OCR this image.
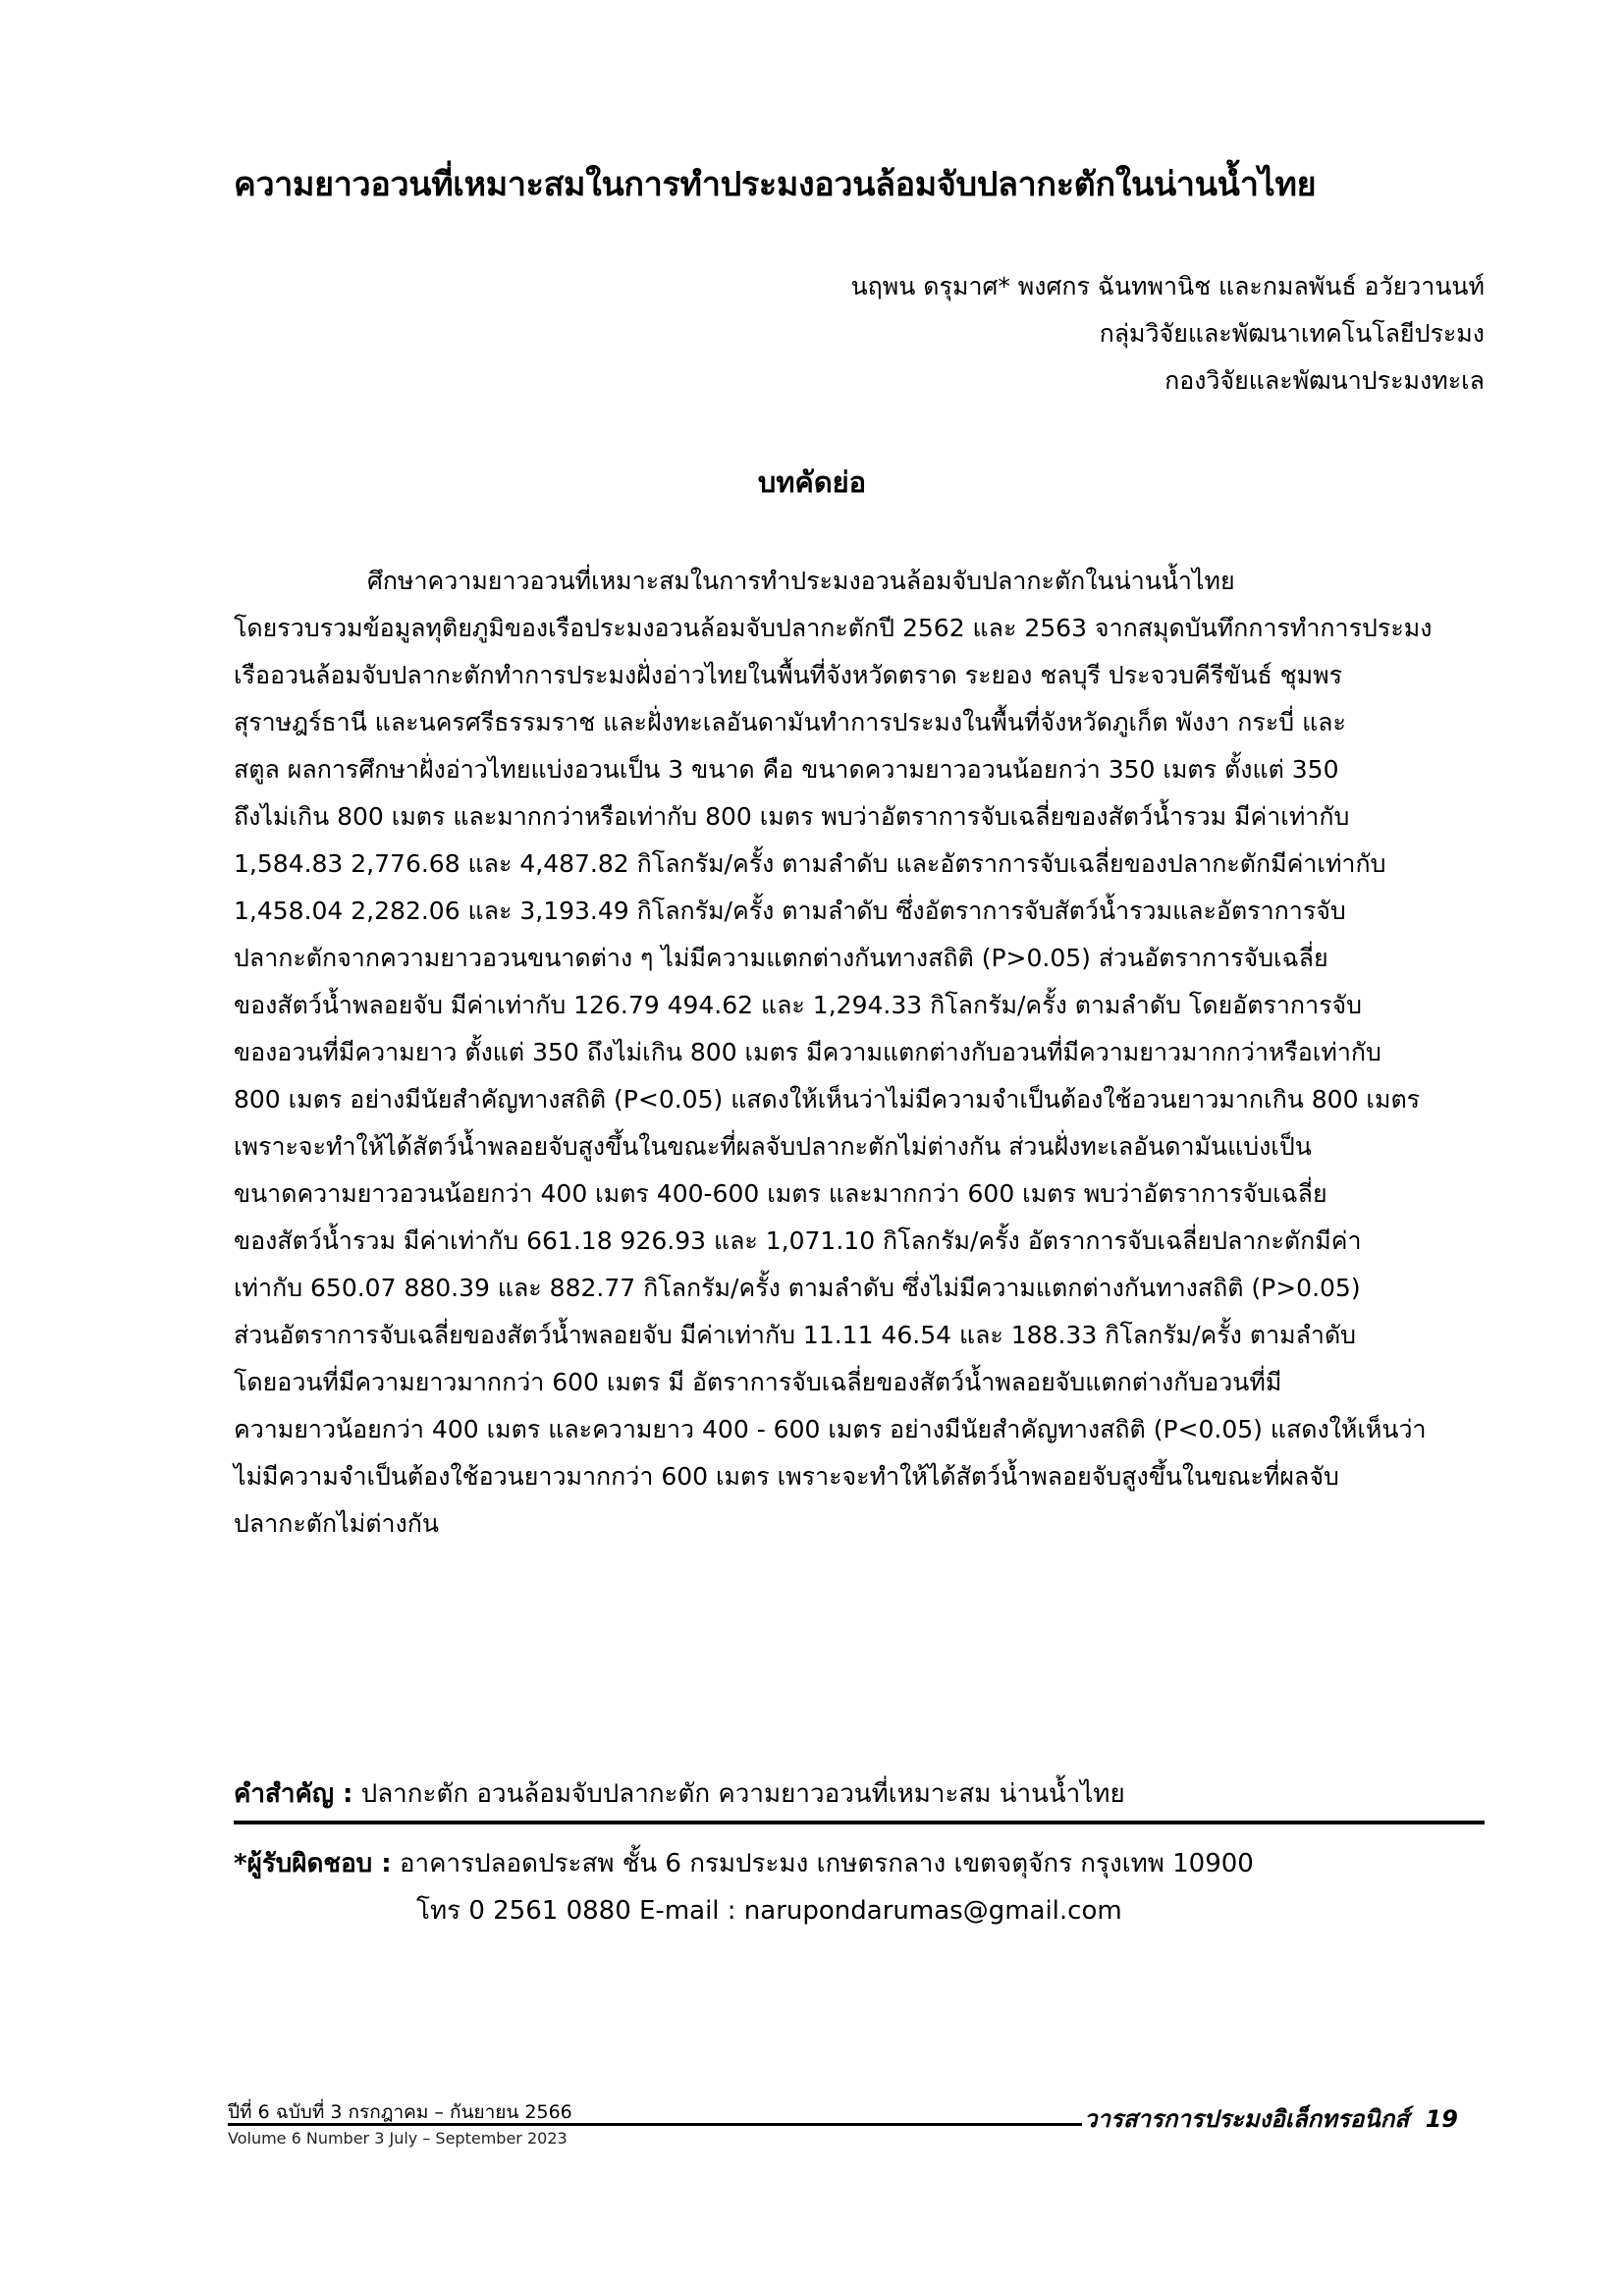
ความยาวอวนที่เหมาะสมในการทำประมงอวนล้อมจับปลากะตักในน่านน้ำไทย
นฤพน ดรุมาศ* พงศกร ฉันทพานิช และกมลพันธ์ อวัยวานนท์
กลุ่มวิจัยและพัฒนาเทคโนโลยีประมง
กองวิจัยและพัฒนาประมงทะเล
บทคัดย่อ
ศึกษาความยาวอวนที่เหมาะสมในการทำประมงอวนล้อมจับปลากะตักในน่านน้ำไทย
โดยรวบรวมข้อมูลทุติยภูมิของเรือประมงอวนล้อมจับปลากะตักปี 2562 และ 2563 จากสมุดบันทึกการทำการประมง
เรืออวนล้อมจับปลากะตักทำการประมงฝั่งอ่าวไทยในพื้นที่จังหวัดตราด ระยอง ชลบุรี ประจวบคีรีขันธ์ ชุมพร
สุราษฎร์ธานี และนครศรีธรรมราช และฝั่งทะเลอันดามันทำการประมงในพื้นที่จังหวัดภูเก็ต พังงา กระบี่ และ
สตูล ผลการศึกษาฝั่งอ่าวไทยแบ่งอวนเป็น 3 ขนาด คือ ขนาดความยาวอวนน้อยกว่า 350 เมตร ตั้งแต่ 350
ถึงไม่เกิน 800 เมตร และมากกว่าหรือเท่ากับ 800 เมตร พบว่าอัตราการจับเฉลี่ยของสัตว์น้ำรวม มีค่าเท่ากับ
1,584.83 2,776.68 และ 4,487.82 กิโลกรัม/ครั้ง ตามลำดับ และอัตราการจับเฉลี่ยของปลากะตักมีค่าเท่ากับ
1,458.04 2,282.06 และ 3,193.49 กิโลกรัม/ครั้ง ตามลำดับ ซึ่งอัตราการจับสัตว์น้ำรวมและอัตราการจับ
ปลากะตักจากความยาวอวนขนาดต่าง ๆ ไม่มีความแตกต่างกันทางสถิติ (P>0.05) ส่วนอัตราการจับเฉลี่ย
ของสัตว์น้ำพลอยจับ มีค่าเท่ากับ 126.79 494.62 และ 1,294.33 กิโลกรัม/ครั้ง ตามลำดับ โดยอัตราการจับ
ของอวนที่มีความยาว ตั้งแต่ 350 ถึงไม่เกิน 800 เมตร มีความแตกต่างกับอวนที่มีความยาวมากกว่าหรือเท่ากับ
800 เมตร อย่างมีนัยสำคัญทางสถิติ (P<0.05) แสดงให้เห็นว่าไม่มีความจำเป็นต้องใช้อวนยาวมากเกิน 800 เมตร
เพราะจะทำให้ได้สัตว์น้ำพลอยจับสูงขึ้นในขณะที่ผลจับปลากะตักไม่ต่างกัน ส่วนฝั่งทะเลอันดามันแบ่งเป็น
ขนาดความยาวอวนน้อยกว่า 400 เมตร 400-600 เมตร และมากกว่า 600 เมตร พบว่าอัตราการจับเฉลี่ย
ของสัตว์น้ำรวม มีค่าเท่ากับ 661.18 926.93 และ 1,071.10 กิโลกรัม/ครั้ง อัตราการจับเฉลี่ยปลากะตักมีค่า
เท่ากับ 650.07 880.39 และ 882.77 กิโลกรัม/ครั้ง ตามลำดับ ซึ่งไม่มีความแตกต่างกันทางสถิติ (P>0.05)
ส่วนอัตราการจับเฉลี่ยของสัตว์น้ำพลอยจับ มีค่าเท่ากับ 11.11 46.54 และ 188.33 กิโลกรัม/ครั้ง ตามลำดับ
โดยอวนที่มีความยาวมากกว่า 600 เมตร มี อัตราการจับเฉลี่ยของสัตว์น้ำพลอยจับแตกต่างกับอวนที่มี
ความยาวน้อยกว่า 400 เมตร และความยาว 400 - 600 เมตร อย่างมีนัยสำคัญทางสถิติ (P<0.05) แสดงให้เห็นว่า
ไม่มีความจำเป็นต้องใช้อวนยาวมากกว่า 600 เมตร เพราะจะทำให้ได้สัตว์น้ำพลอยจับสูงขึ้นในขณะที่ผลจับ
ปลากะตักไม่ต่างกัน
คำสำคัญ : ปลากะตัก อวนล้อมจับปลากะตัก ความยาวอวนที่เหมาะสม น่านน้ำไทย
*ผู้รับผิดชอบ : อาคารปลอดประสพ ชั้น 6 กรมประมง เกษตรกลาง เขตจตุจักร กรุงเทพ 10900
โทร 0 2561 0880 E-mail : narupondarumas@gmail.com
ปีที่ 6 ฉบับที่ 3 กรกฎาคม – กันยายน 2566
Volume 6 Number 3 July – September 2023
วารสารการประมงอิเล็กทรอนิกส์ 19
